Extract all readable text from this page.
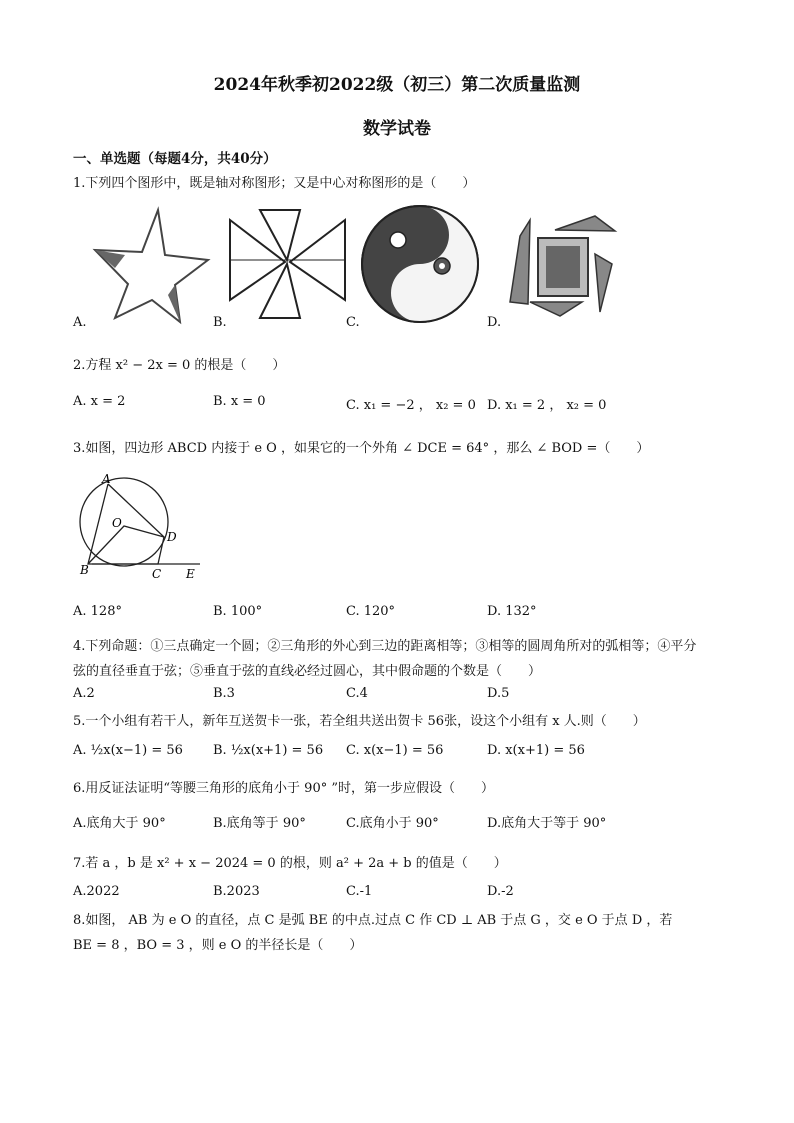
2024年秋季初2022级（初三）第二次质量监测
数学试卷
一、单选题（每题4分，共40分）
1.下列四个图形中，既是轴对称图形；又是中心对称图形的是（　　）
A.	B.	C.	D.
2.方程 x² − 2x = 0 的根是（　　）
A. x = 2	B. x = 0	C. x₁ = −2 ， x₂ = 0 D. x₁ = 2 ， x₂ = 0
3.如图，四边形 ABCD 内接于 e O ，如果它的一个外角 ∠ DCE = 64° ，那么 ∠ BOD =（　　）
A
O
D
B	C E
A. 128°	B. 100°	C. 120°	D. 132°
4.下列命题：①三点确定一个圆；②三角形的外心到三边的距离相等；③相等的圆周角所对的弧相等；④平分
弦的直径垂直于弦；⑤垂直于弦的直线必经过圆心，其中假命题的个数是（　　）
A.2	B.3	C.4	D.5
5.一个小组有若干人，新年互送贺卡一张，若全组共送出贺卡 56张，设这个小组有 x 人.则（　　）
A. ½x(x−1) = 56 B. ½x(x+1) = 56 C. x(x−1) = 56	D. x(x+1) = 56
6.用反证法证明“等腰三角形的底角小于 90° ”时，第一步应假设（　　）
A.底角大于 90°	B.底角等于 90°	C.底角小于 90°	D.底角大于等于 90°
7.若 a ，b 是 x² + x − 2024 = 0 的根，则 a² + 2a + b 的值是（　　）
A.2022	B.2023	C.-1	D.-2
8.如图， AB 为 e O 的直径，点 C 是弧 BE 的中点.过点 C 作 CD ⊥ AB 于点 G ，交 e O 于点 D ，若
BE = 8 ，BO = 3 ，则 e O 的半径长是（　　）
